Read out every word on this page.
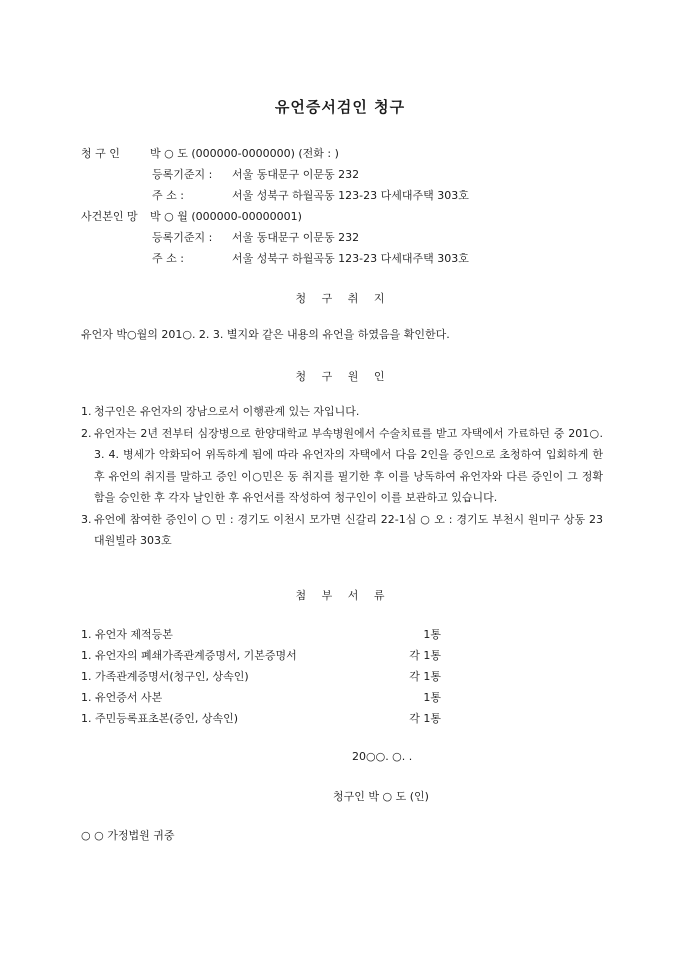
유언증서검인 청구
청 구 인	박 ○ 도 (000000-0000000) (전화 : )
등록기준지 : 서울 동대문구 이문동 232
주 소 :	서울 성북구 하월곡동 123-23 다세대주택 303호
사건본인 망 박 ○ 월 (000000-00000001)
등록기준지 : 서울 동대문구 이문동 232
주 소 :	서울 성북구 하월곡동 123-23 다세대주택 303호
청 구 취 지
유언자 박○월의 201○. 2. 3. 별지와 같은 내용의 유언을 하였음을 확인한다.
청 구 원 인
1. 청구인은 유언자의 장남으로서 이행관계 있는 자입니다.
2. 유언자는 2년 전부터 심장병으로 한양대학교 부속병원에서 수술치료를 받고 자택에서 가료하던 중 201○. 3. 4. 병세가 악화되어 위독하게 됨에 따라 유언자의 자택에서 다음 2인을 증인으로 초청하여 입회하게 한 후 유언의 취지를 말하고 증인 이○민은 동 취지를 필기한 후 이를 낭독하여 유언자와 다른 증인이 그 정확함을 승인한 후 각자 날인한 후 유언서를 작성하여 청구인이 이를 보관하고 있습니다.
3. 유언에 참여한 증인이 ○ 민 : 경기도 이천시 모가면 신갈리 22-1심 ○ 오 : 경기도 부천시 원미구 상동 23 대원빌라 303호
첨 부 서 류
1. 유언자 제적등본	1통
1. 유언자의 폐쇄가족관계증명서, 기본증명서	각 1통
1. 가족관계증명서(청구인, 상속인)	각 1통
1. 유언증서 사본	1통
1. 주민등록표초본(증인, 상속인)	각 1통
20○○. ○. .
청구인 박 ○ 도 (인)
○ ○ 가정법원 귀중
